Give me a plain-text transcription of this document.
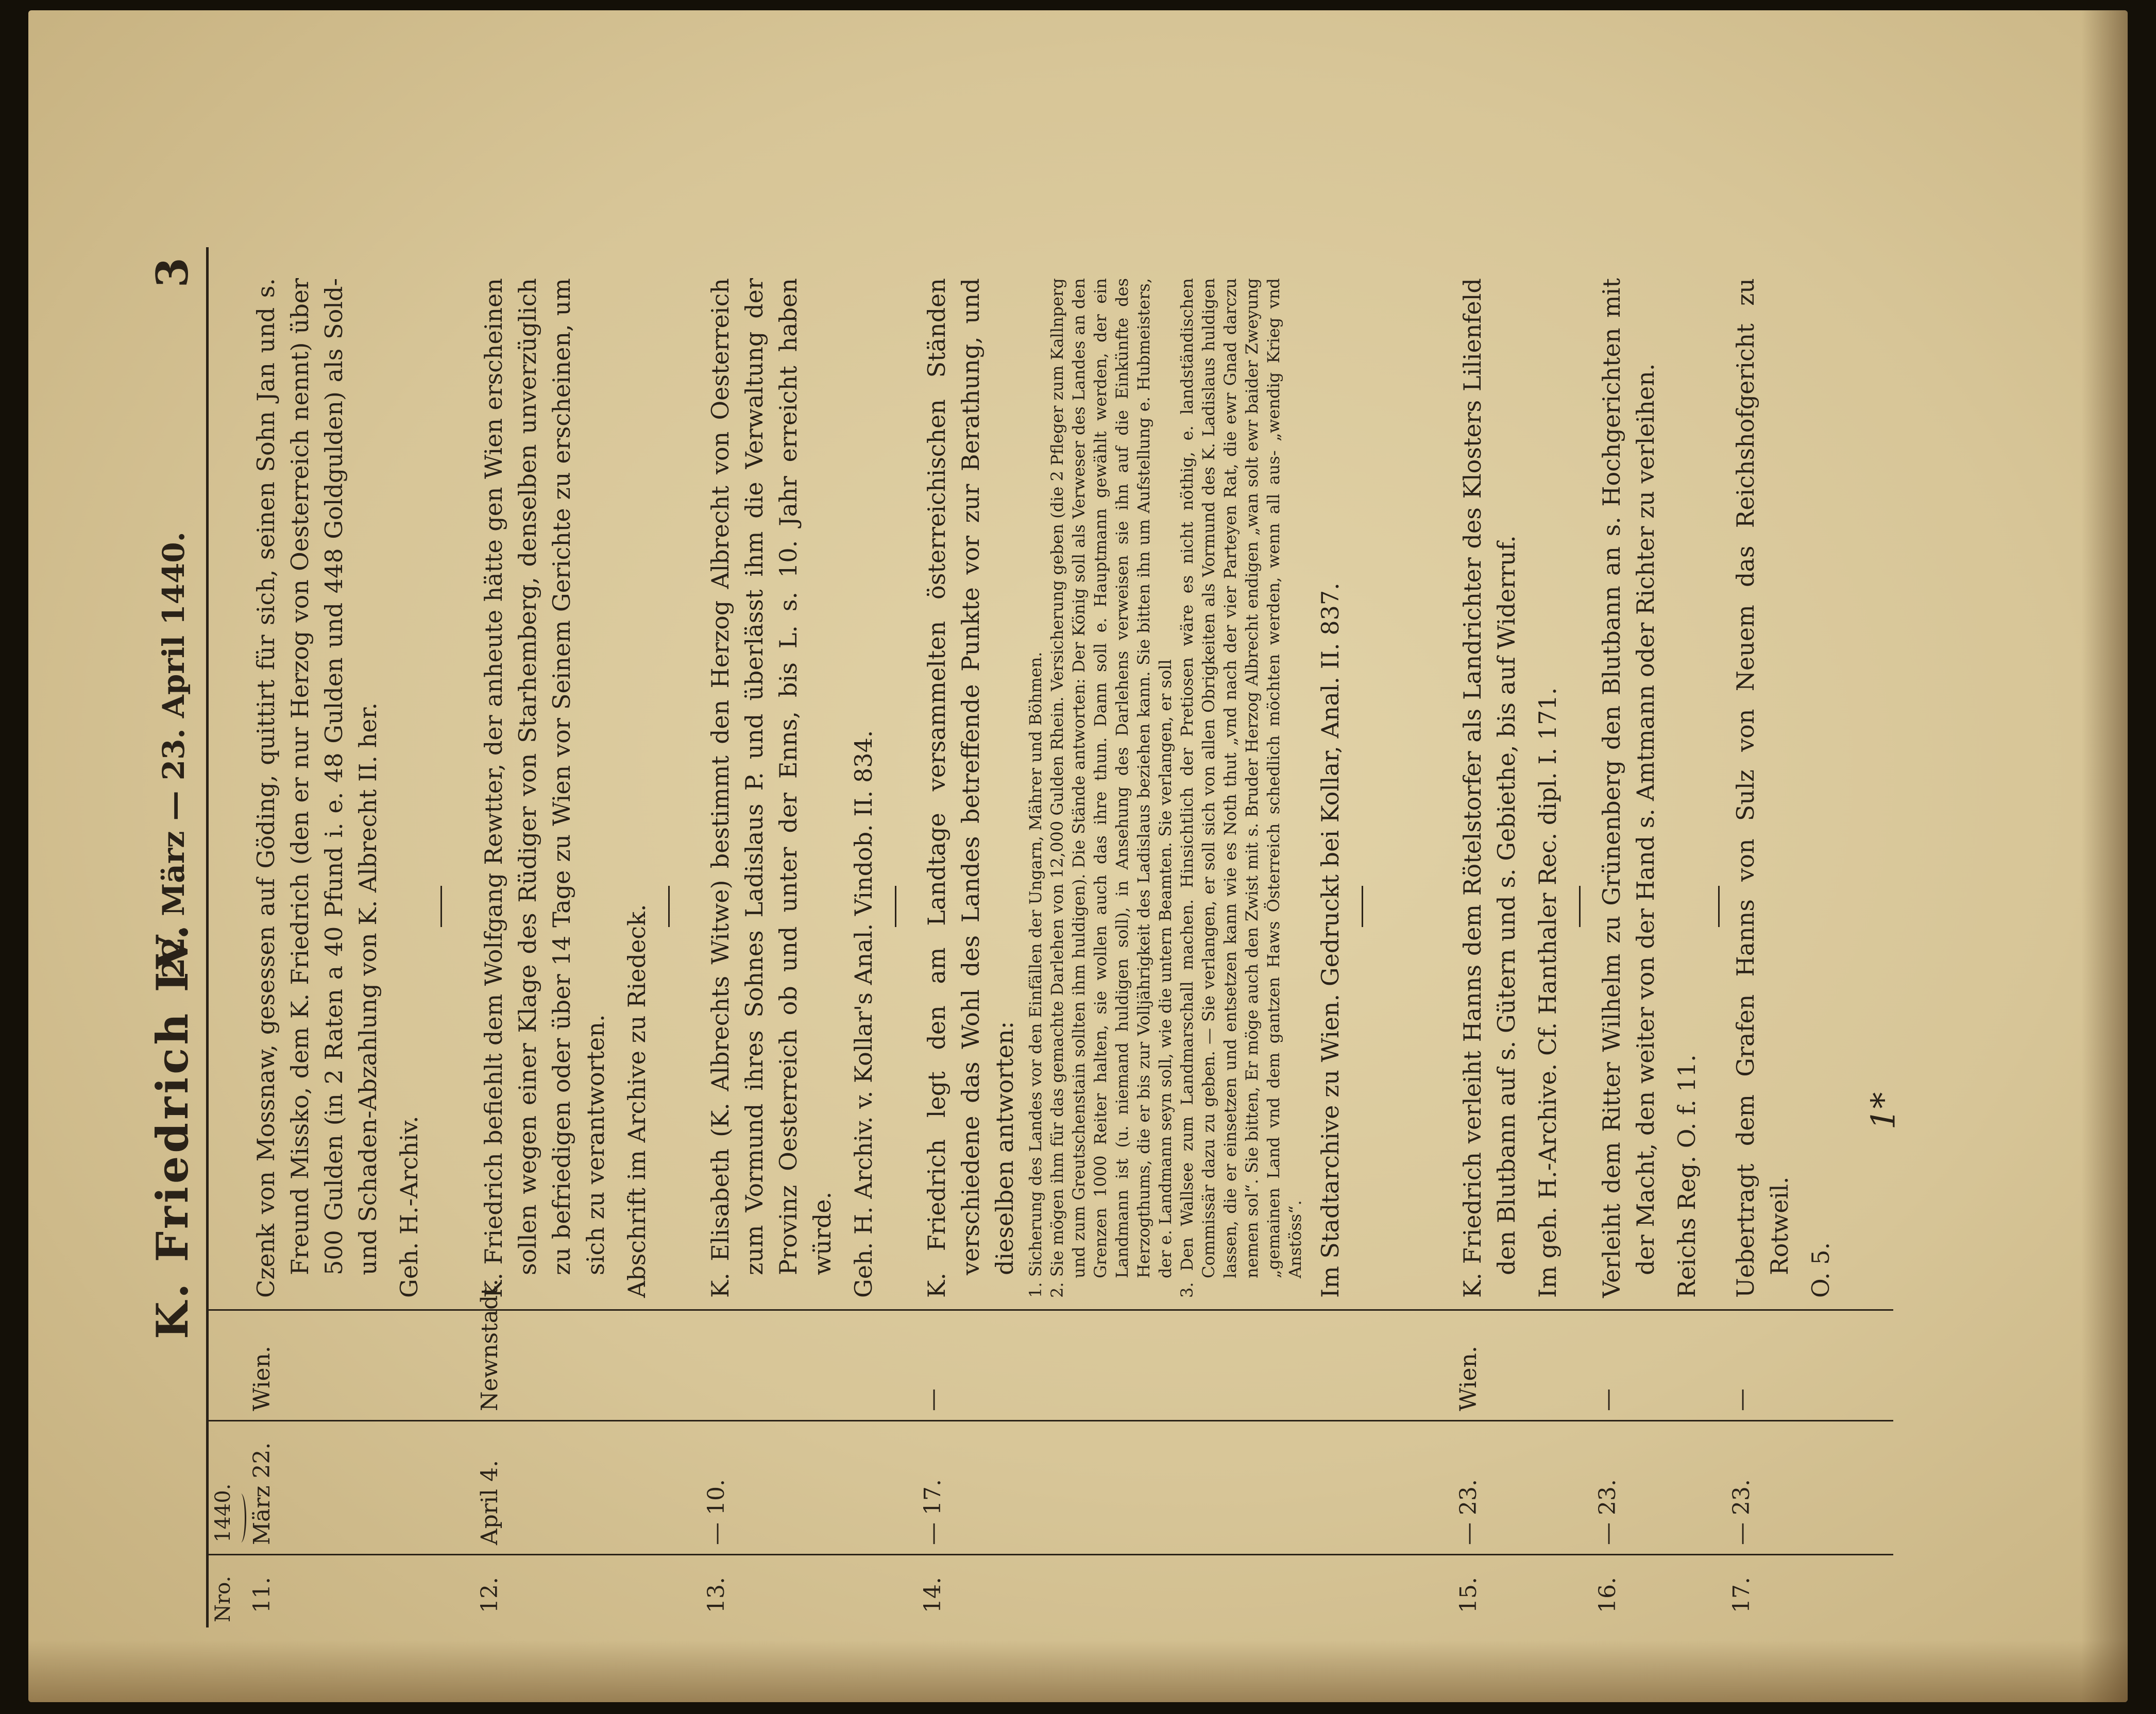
K. Friedrich IV.
22. März — 23. April 1440.
3
Nro.
1440.
11.
März 22.
Wien.

Czenk von Mossnaw, gesessen auf Göding, quittirt für sich, seinen Sohn Jan und s. Freund Missko, dem K. Friedrich (den er nur Herzog von Oesterreich nennt) über 500 Gulden (in 2 Raten a 40 Pfund i. e. 48 Gulden und 448 Goldgulden) als Sold- und Schaden-Abzahlung von K. Albrecht II. her. Geh. H.-Archiv.

12.
April 4.
Newnstadt.

K. Friedrich befiehlt dem Wolfgang Rewtter, der anheute hätte gen Wien erscheinen sollen wegen einer Klage des Rüdiger von Starhemberg, denselben unverzüglich zu befriedigen oder über 14 Tage zu Wien vor Seinem Gerichte zu erscheinen, um sich zu verantworten. Abschrift im Archive zu Riedeck.

13.
— 10.

K. Elisabeth (K. Albrechts Witwe) bestimmt den Herzog Albrecht von Oesterreich zum Vormund ihres Sohnes Ladislaus P. und überlässt ihm die Verwaltung der Provinz Oesterreich ob und unter der Enns, bis L. s. 10. Jahr erreicht haben würde. Geh. H. Archiv. v. Kollar's Anal. Vindob. II. 834.

14.
— 17.
—

K. Friedrich legt den am Landtage versammelten österreichischen Ständen verschiedene das Wohl des Landes betreffende Punkte vor zur Berathung, und dieselben antworten: 1. Sicherung des Landes vor den Einfällen der Ungarn, Mährer und Böhmen. 2. Sie mögen ihm für das gemachte Darlehen von 12,000 Gulden Rhein. Versicherung geben (die 2 Pfleger zum Kallnperg und zum Greutschenstain sollten ihm huldigen). Die Stände antworten: Der König soll als Verweser des Landes an den Grenzen 1000 Reiter halten, sie wollen auch das ihre thun. Dann soll e. Hauptmann gewählt werden, der ein Landmann ist (u. niemand huldigen soll), in Ansehung des Darlehens verweisen sie ihn auf die Einkünfte des Herzogthums, die er bis zur Volljährigkeit des Ladislaus beziehen kann. Sie bitten ihn um Aufstellung e. Hubmeisters, der e. Landmann seyn soll, wie die untern Beamten. Sie verlangen, er soll 3. Den Wallsee zum Landmarschall machen. Hinsichtlich der Pretiosen wäre es nicht nöthig, e. landständischen Commissär dazu zu geben. — Sie verlangen, er soll sich von allen Obrigkeiten als Vormund des K. Ladislaus huldigen lassen, die er einsetzen und entsetzen kann wie es Noth thut „vnd nach der vier Parteyen Rat, die ewr Gnad darczu nemen sol“. Sie bitten, Er möge auch den Zwist mit s. Bruder Herzog Albrecht endigen „wan solt ewr baider Zweyung „gemainen Land vnd dem gantzen Haws Österreich schedlich möchten werden, wenn all aus- „wendig Krieg vnd Anstöss“. Im Stadtarchive zu Wien. Gedruckt bei Kollar, Anal. II. 837.

15.
— 23.
Wien.

K. Friedrich verleiht Hanns dem Rötelstorfer als Landrichter des Klosters Lilienfeld den Blutbann auf s. Gütern und s. Gebiethe, bis auf Widerruf. Im geh. H.-Archive. Cf. Hanthaler Rec. dipl. I. 171.

16.
— 23.
—

Verleiht dem Ritter Wilhelm zu Grünenberg den Blutbann an s. Hochgerichten mit der Macht, den weiter von der Hand s. Amtmann oder Richter zu verleihen. Reichs Reg. O. f. 11.

17.
— 23.
—

Uebertragt dem Grafen Hanns von Sulz von Neuem das Reichshofgericht zu Rotweil. O. 5.

1*
